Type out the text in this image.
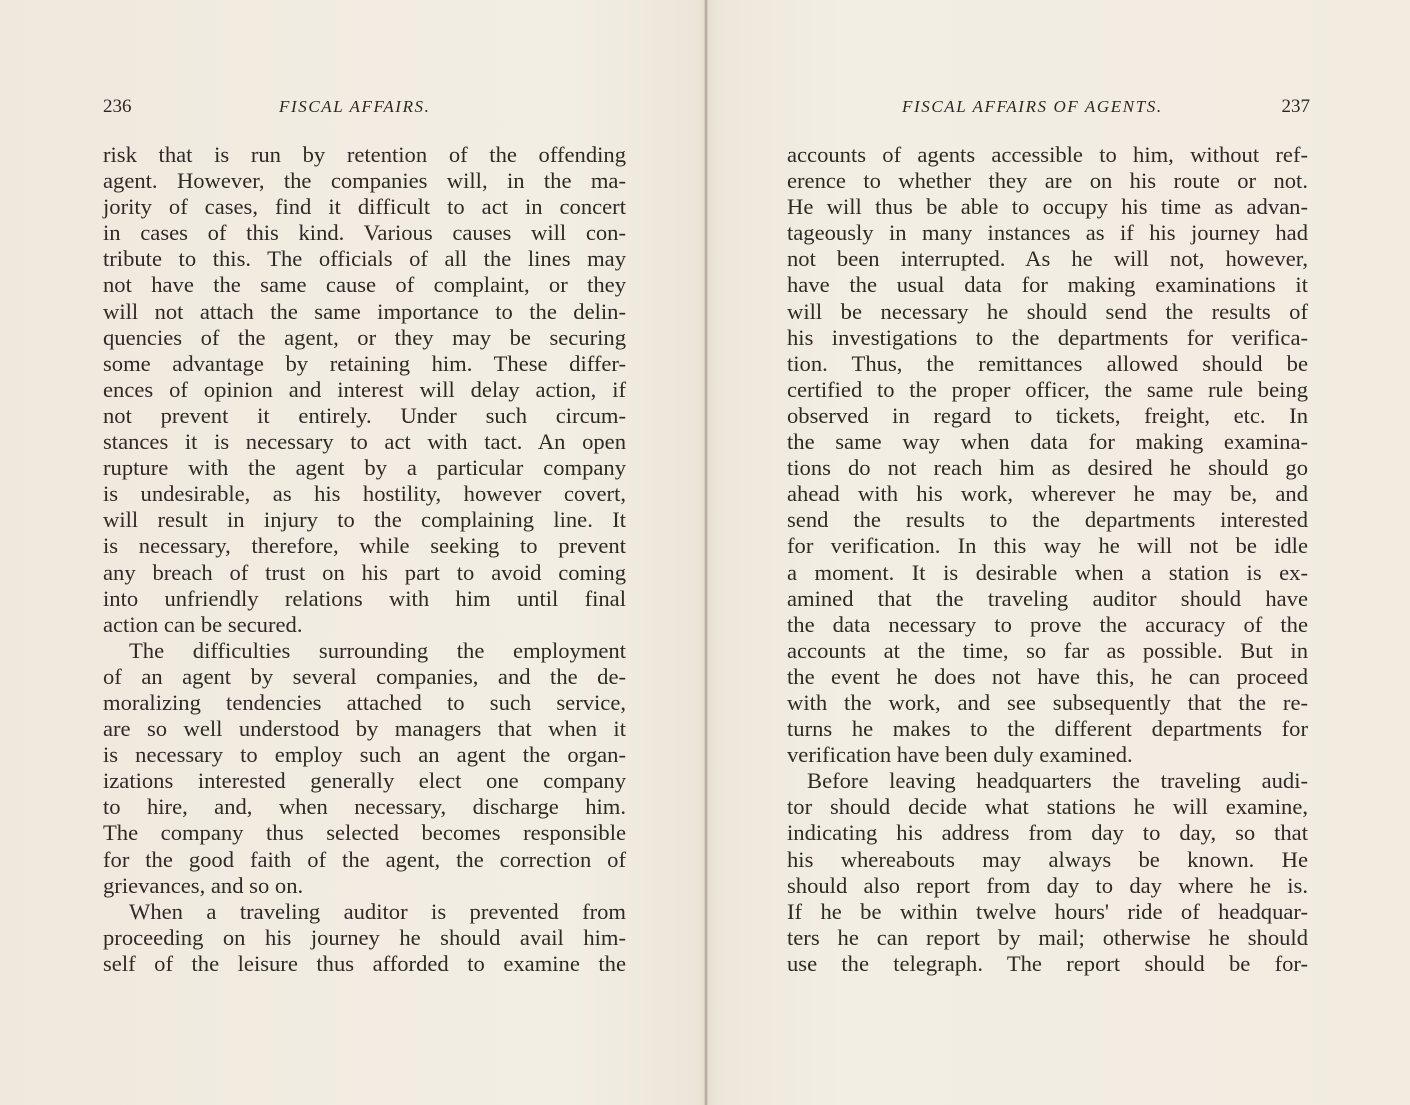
236	FISCAL AFFAIRS.
risk that is run by retention of the offending
agent. However, the companies will, in the ma-
jority of cases, find it difficult to act in concert
in cases of this kind. Various causes will con-
tribute to this. The officials of all the lines may
not have the same cause of complaint, or they
will not attach the same importance to the delin-
quencies of the agent, or they may be securing
some advantage by retaining him. These differ-
ences of opinion and interest will delay action, if
not prevent it entirely. Under such circum-
stances it is necessary to act with tact. An open
rupture with the agent by a particular company
is undesirable, as his hostility, however covert,
will result in injury to the complaining line. It
is necessary, therefore, while seeking to prevent
any breach of trust on his part to avoid coming
into unfriendly relations with him until final
action can be secured.
The difficulties surrounding the employment
of an agent by several companies, and the de-
moralizing tendencies attached to such service,
are so well understood by managers that when it
is necessary to employ such an agent the organ-
izations interested generally elect one company
to hire, and, when necessary, discharge him.
The company thus selected becomes responsible
for the good faith of the agent, the correction of
grievances, and so on.
When a traveling auditor is prevented from
proceeding on his journey he should avail him-
self of the leisure thus afforded to examine the
FISCAL AFFAIRS OF AGENTS.	237
accounts of agents accessible to him, without ref-
erence to whether they are on his route or not.
He will thus be able to occupy his time as advan-
tageously in many instances as if his journey had
not been interrupted. As he will not, however,
have the usual data for making examinations it
will be necessary he should send the results of
his investigations to the departments for verifica-
tion. Thus, the remittances allowed should be
certified to the proper officer, the same rule being
observed in regard to tickets, freight, etc. In
the same way when data for making examina-
tions do not reach him as desired he should go
ahead with his work, wherever he may be, and
send the results to the departments interested
for verification. In this way he will not be idle
a moment. It is desirable when a station is ex-
amined that the traveling auditor should have
the data necessary to prove the accuracy of the
accounts at the time, so far as possible. But in
the event he does not have this, he can proceed
with the work, and see subsequently that the re-
turns he makes to the different departments for
verification have been duly examined.
Before leaving headquarters the traveling audi-
tor should decide what stations he will examine,
indicating his address from day to day, so that
his whereabouts may always be known. He
should also report from day to day where he is.
If he be within twelve hours' ride of headquar-
ters he can report by mail; otherwise he should
use the telegraph. The report should be for-
